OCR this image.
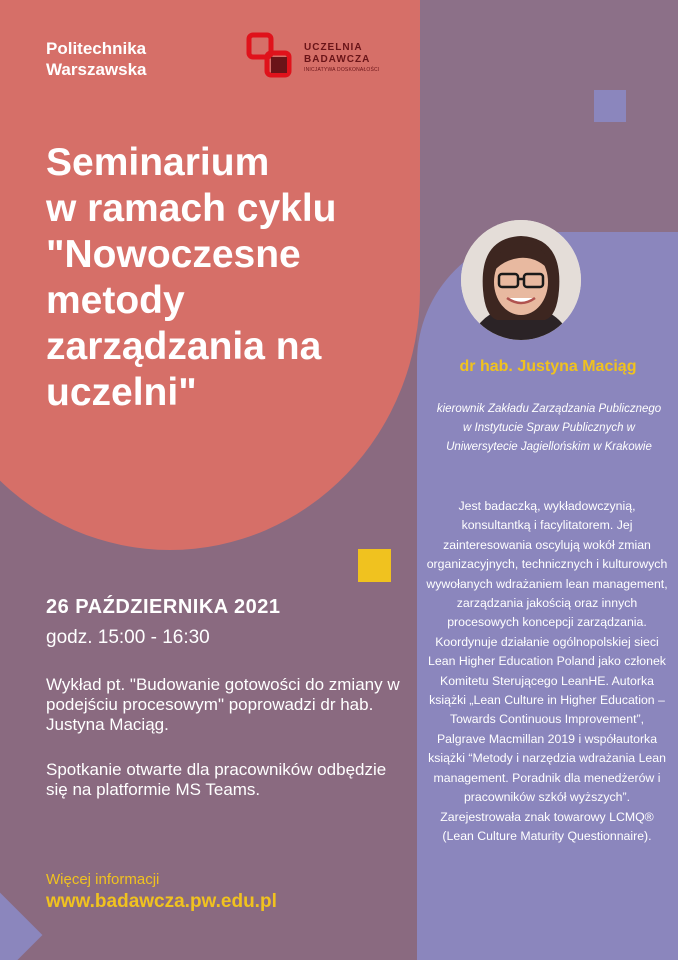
Politechnika
Warszawska
UCZELNIA
BADAWCZA
INICJATYWA DOSKONAŁOŚCI
Seminarium
w ramach cyklu
"Nowoczesne
metody
zarządzania na
uczelni"
dr hab. Justyna Maciąg
kierownik Zakładu Zarządzania Publicznego w Instytucie Spraw Publicznych w Uniwersytecie Jagiellońskim w Krakowie
Jest badaczką, wykładowczynią, konsultantką i facylitatorem. Jej zainteresowania oscylują wokół zmian organizacyjnych, technicznych i kulturowych wywołanych wdrażaniem lean management, zarządzania jakością oraz innych procesowych koncepcji zarządzania. Koordynuje działanie ogólnopolskiej sieci Lean Higher Education Poland jako członek Komitetu Sterującego LeanHE. Autorka książki „Lean Culture in Higher Education – Towards Continuous Improvement”, Palgrave Macmillan 2019 i współautorka książki “Metody i narzędzia wdrażania Lean management. Poradnik dla menedżerów i pracowników szkół wyższych”. Zarejestrowała znak towarowy LCMQ® (Lean Culture Maturity Questionnaire).
26 PAŹDZIERNIKA 2021
godz. 15:00 - 16:30
Wykład pt. "Budowanie gotowości do zmiany w podejściu procesowym" poprowadzi dr hab. Justyna Maciąg.
Spotkanie otwarte dla pracowników odbędzie się na platformie MS Teams.
Więcej informacji
www.badawcza.pw.edu.pl
